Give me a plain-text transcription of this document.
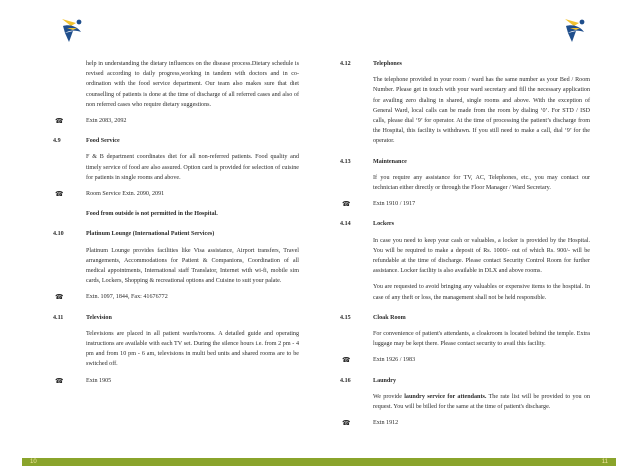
help in understanding the dietary influences on the disease process.Dietary schedule is revised according to daily progress,working in tandem with doctors and in co-ordination with the food service department. Our team also makes sure that diet counselling of patients is done at the time of discharge of all referred cases and also of non referred cases who require dietary suggestions.
☎	Extn 2083, 2092
4.9	Food Service
F & B department coordinates diet for all non-referred patients. Food quality and timely service of food are also assured. Option card is provided for selection of cuisine for patients in single rooms and above.
☎	Room Service Extn. 2090, 2091
Food from outside is not permitted in the Hospital.
4.10	Platinum Lounge (International Patient Services)
Platinum Lounge provides facilities like Visa assistance, Airport transfers, Travel arrangements, Accommodations for Patient & Companions, Coordination of all medical appointments, International staff Translator, Internet with wi-fi, mobile sim cards, Lockers, Shopping & recreational options and Cuisine to suit your palate.
☎	Extn. 1097, 1844, Fax: 41676772
4.11	Television
Televisions are placed in all patient wards/rooms. A detailed guide and operating instructions are available with each TV set. During the silence hours i.e. from 2 pm - 4 pm and from 10 pm - 6 am, televisions in multi bed units and shared rooms are to be switched off.
☎	Extn 1905
10
4.12	Telephones
The telephone provided in your room / ward has the same number as your Bed / Room Number. Please get in touch with your ward secretary and fill the necessary application for availing zero dialing in shared, single rooms and above. With the exception of General Ward, local calls can be made from the room by dialing ‘0’. For STD / ISD calls, please dial ‘9’ for operator. At the time of processing the patient’s discharge from the Hospital, this facility is withdrawn. If you still need to make a call, dial ‘9’ for the operator.
4.13	Maintenance
If you require any assistance for TV, AC, Telephones, etc., you may contact our technician either directly or through the Floor Manager / Ward Secretary.
☎	Extn 1910 / 1917
4.14	Lockers
In case you need to keep your cash or valuables, a locker is provided by the Hospital. You will be required to make a deposit of Rs. 1000/- out of which Rs. 900/- will be refundable at the time of discharge. Please contact Security Control Room for further assistance. Locker facility is also available in DLX and above rooms.
You are requested to avoid bringing any valuables or expensive items to the hospital. In case of any theft or loss, the management shall not be held responsible.
4.15	Cloak Room
For convenience of patient's attendants, a cloakroom is located behind the temple. Extra luggage may be kept there. Please contact security to avail this facility.
☎	Extn 1926 / 1983
4.16	Laundry
We provide laundry service for attendants. The rate list will be provided to you on request. You will be billed for the same at the time of patient's discharge.
☎	Extn 1912
11
